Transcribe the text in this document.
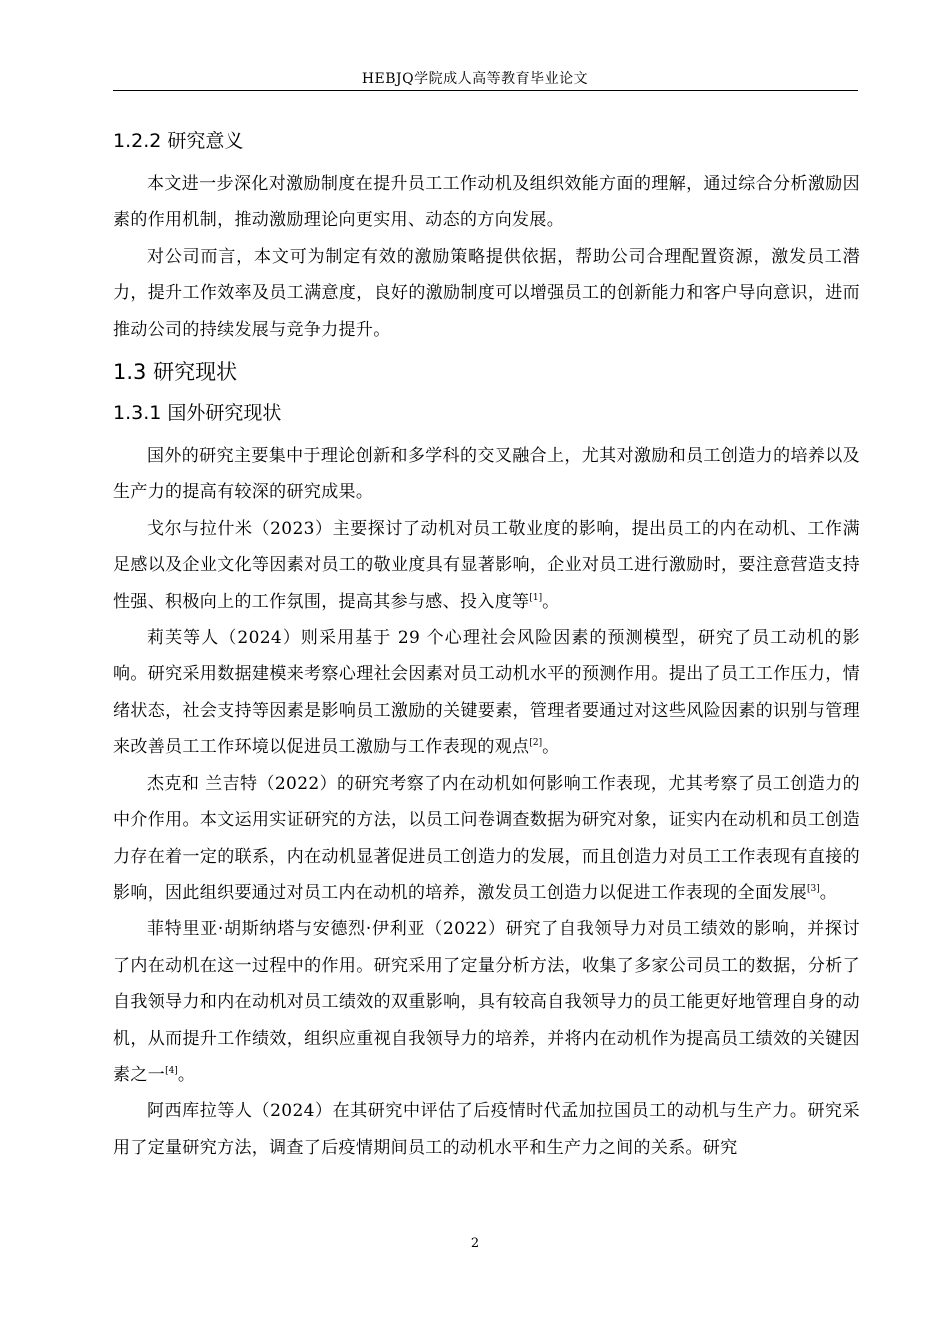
HEBJQ学院成人高等教育毕业论文
1.2.2 研究意义

本文进一步深化对激励制度在提升员工工作动机及组织效能方面的理解，通过综合分析激励因素的作用机制，推动激励理论向更实用、动态的方向发展。

对公司而言，本文可为制定有效的激励策略提供依据，帮助公司合理配置资源，激发员工潜力，提升工作效率及员工满意度，良好的激励制度可以增强员工的创新能力和客户导向意识，进而推动公司的持续发展与竞争力提升。

1.3 研究现状
1.3.1 国外研究现状

国外的研究主要集中于理论创新和多学科的交叉融合上，尤其对激励和员工创造力的培养以及生产力的提高有较深的研究成果。

戈尔与拉什米（2023）主要探讨了动机对员工敬业度的影响，提出员工的内在动机、工作满足感以及企业文化等因素对员工的敬业度具有显著影响，企业对员工进行激励时，要注意营造支持性强、积极向上的工作氛围，提高其参与感、投入度等[1]。

莉芙等人（2024）则采用基于 29 个心理社会风险因素的预测模型，研究了员工动机的影响。研究采用数据建模来考察心理社会因素对员工动机水平的预测作用。提出了员工工作压力，情绪状态，社会支持等因素是影响员工激励的关键要素，管理者要通过对这些风险因素的识别与管理来改善员工工作环境以促进员工激励与工作表现的观点[2]。

杰克和 兰吉特（2022）的研究考察了内在动机如何影响工作表现，尤其考察了员工创造力的中介作用。本文运用实证研究的方法，以员工问卷调查数据为研究对象，证实内在动机和员工创造力存在着一定的联系，内在动机显著促进员工创造力的发展，而且创造力对员工工作表现有直接的影响，因此组织要通过对员工内在动机的培养，激发员工创造力以促进工作表现的全面发展[3]。

菲特里亚·胡斯纳塔与安德烈·伊利亚（2022）研究了自我领导力对员工绩效的影响，并探讨了内在动机在这一过程中的作用。研究采用了定量分析方法，收集了多家公司员工的数据，分析了自我领导力和内在动机对员工绩效的双重影响，具有较高自我领导力的员工能更好地管理自身的动机，从而提升工作绩效，组织应重视自我领导力的培养，并将内在动机作为提高员工绩效的关键因素之一[4]。

阿西库拉等人（2024）在其研究中评估了后疫情时代孟加拉国员工的动机与生产力。研究采用了定量研究方法，调查了后疫情期间员工的动机水平和生产力之间的关系。研究

2
